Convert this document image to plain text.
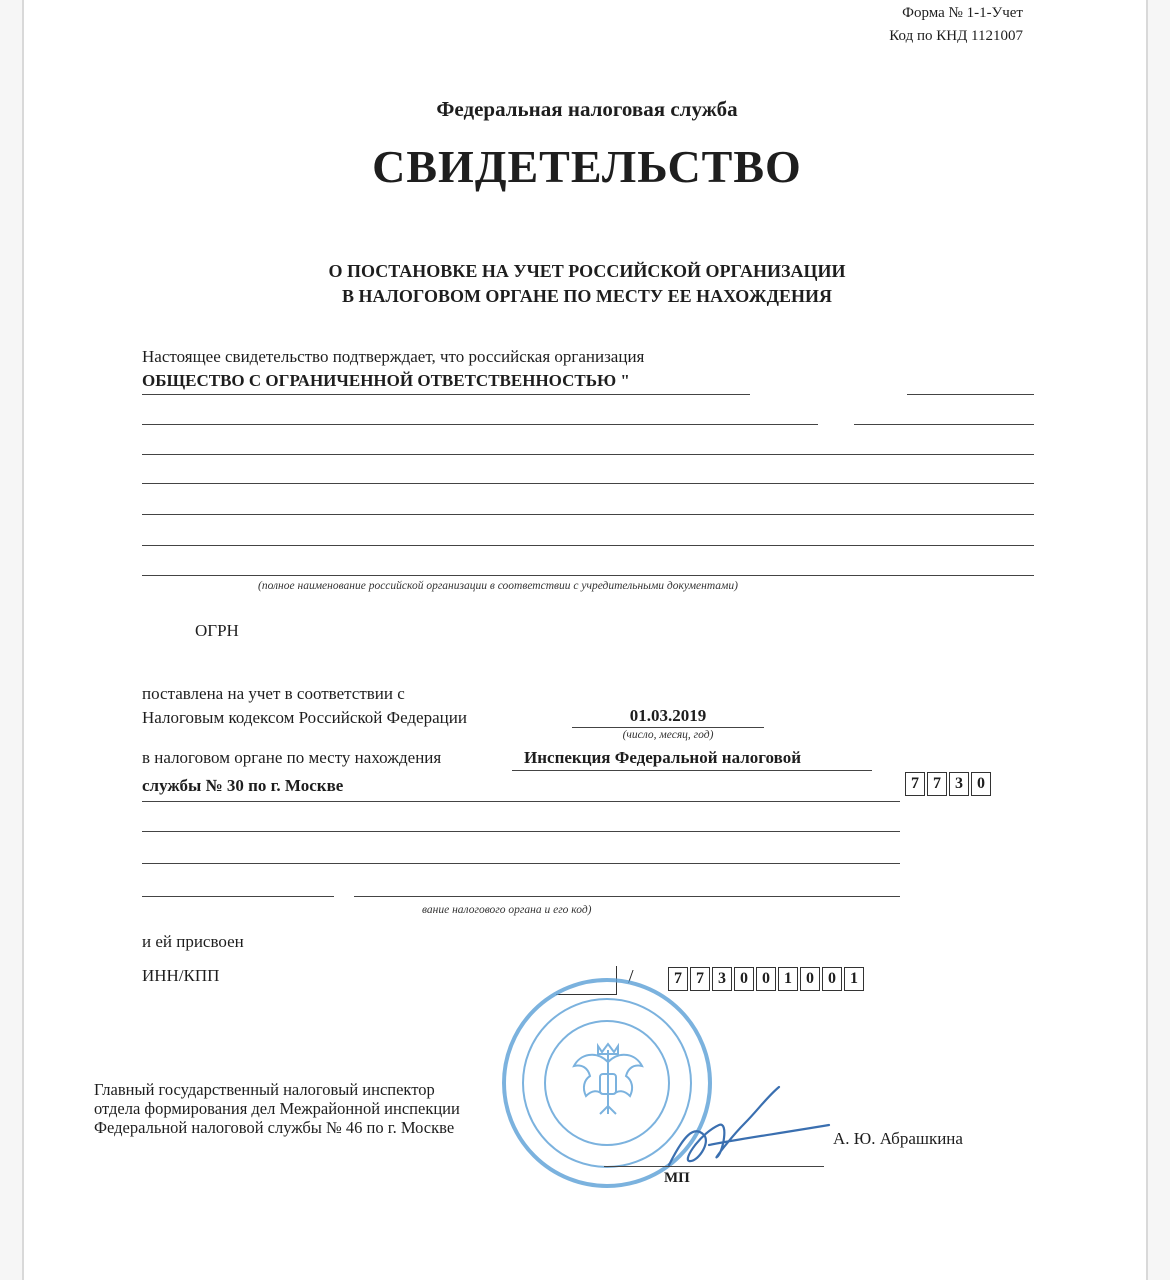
Форма № 1-1-Учет
Код по КНД 1121007
Федеральная налоговая служба
СВИДЕТЕЛЬСТВО
О ПОСТАНОВКЕ НА УЧЕТ РОССИЙСКОЙ ОРГАНИЗАЦИИ
В НАЛОГОВОМ ОРГАНЕ ПО МЕСТУ ЕЕ НАХОЖДЕНИЯ
Настоящее свидетельство подтверждает, что российская организация
ОБЩЕСТВО С ОГРАНИЧЕННОЙ ОТВЕТСТВЕННОСТЬЮ "
(полное наименование российской организации в соответствии с учредительными документами)
ОГРН
поставлена на учет в соответствии с
Налоговым кодексом Российской Федерации	01.03.2019
(число, месяц, год)
в налоговом органе по месту нахождения	Инспекция Федеральной налоговой
службы № 30 по г. Москве	7 7 3 0
вание налогового органа и его код)
и ей присвоен
ИНН/КПП	/	7 7 3 0 0 1 0 0 1
Главный государственный налоговый инспектор
отдела формирования дел Межрайонной инспекции
Федеральной налоговой службы № 46 по г. Москве
МП
А. Ю. Абрашкина
